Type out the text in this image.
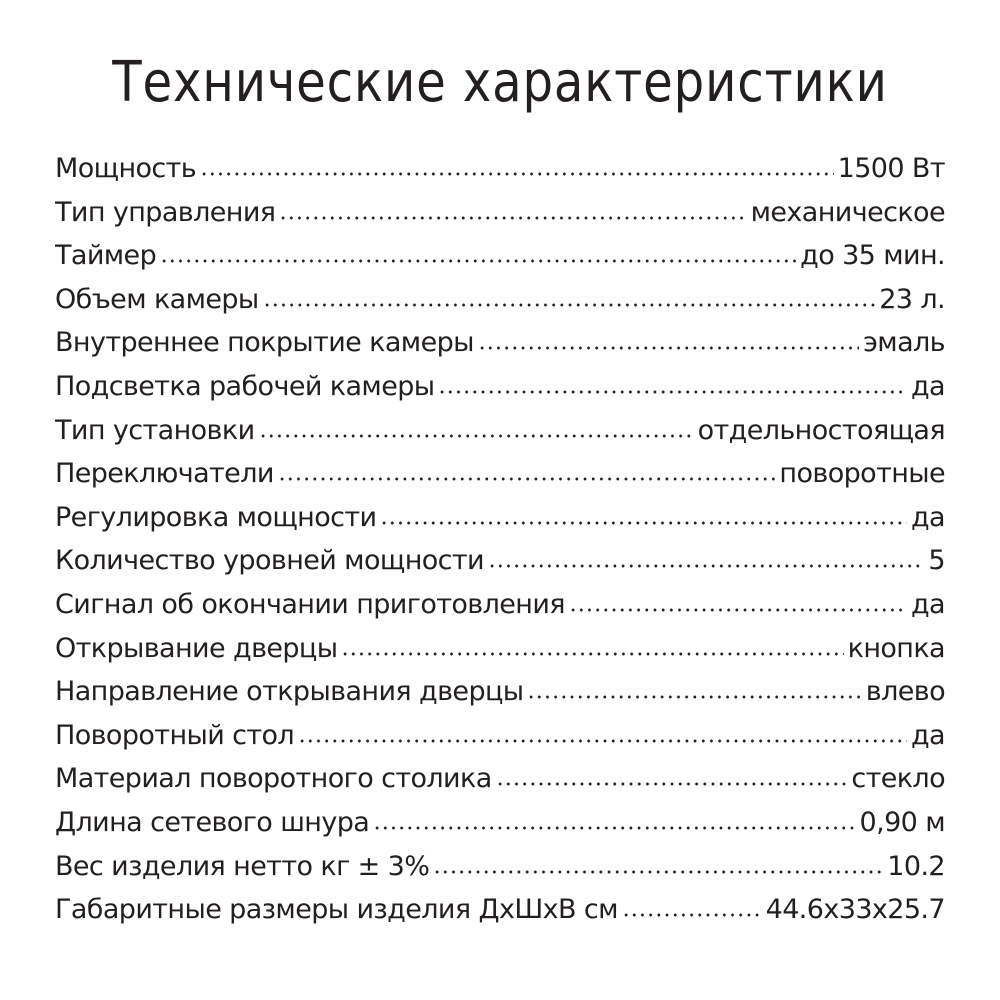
Технические характеристики
Мощность	1500 Вт
Тип управления	механическое
Таймер	до 35 мин.
Объем камеры	23 л.
Внутреннее покрытие камеры	эмаль
Подсветка рабочей камеры	да
Тип установки	отдельностоящая
Переключатели	поворотные
Регулировка мощности	да
Количество уровней мощности	5
Сигнал об окончании приготовления	да
Открывание дверцы	кнопка
Направление открывания дверцы	влево
Поворотный стол	да
Материал поворотного столика	стекло
Длина сетевого шнура	0,90 м
Вес изделия нетто кг ± 3%	10.2
Габаритные размеры изделия ДхШхВ см	44.6х33х25.7
